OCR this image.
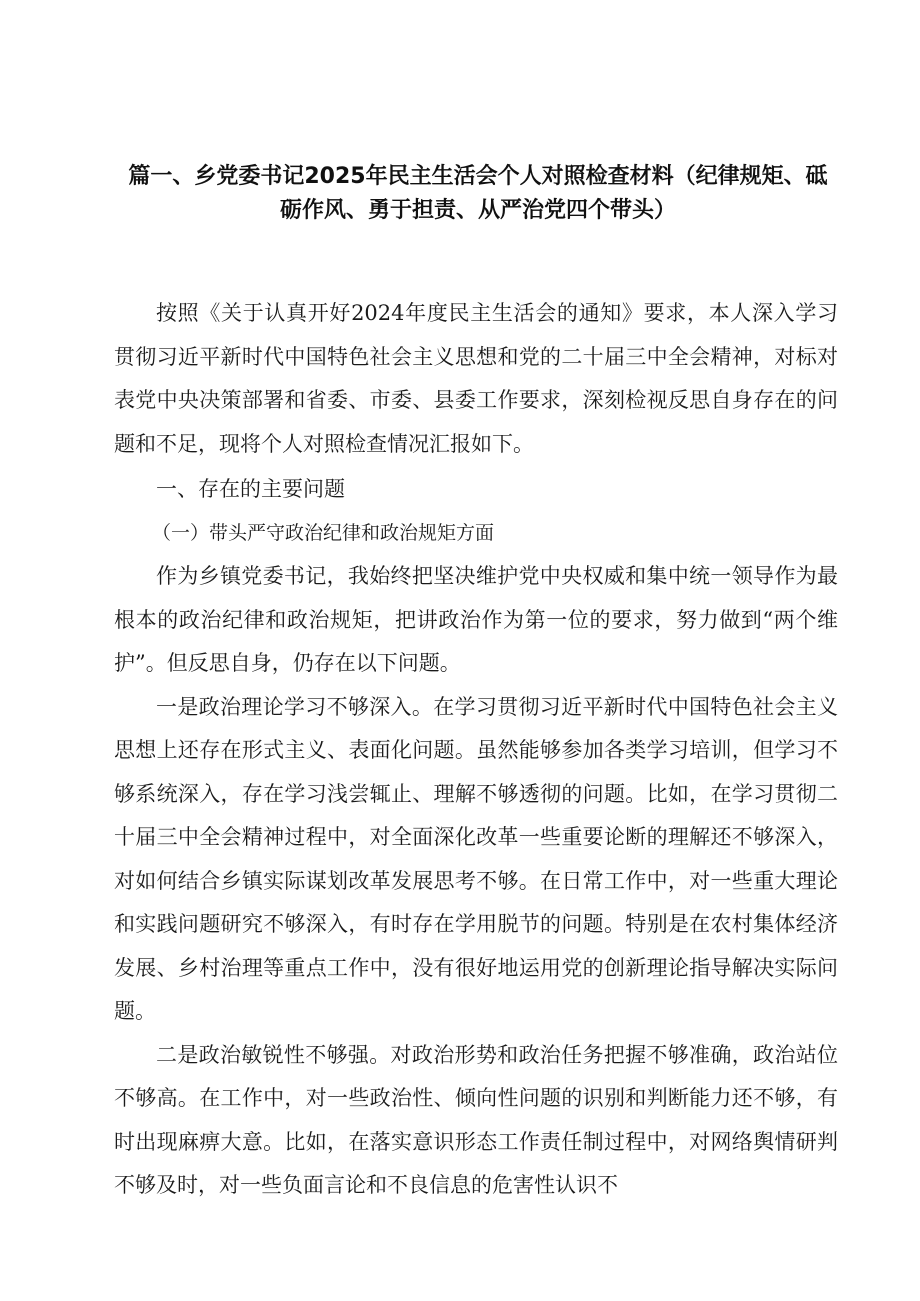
篇一、乡党委书记2025年民主生活会个人对照检查材料（纪律规矩、砥砺作风、勇于担责、从严治党四个带头）

按照《关于认真开好2024年度民主生活会的通知》要求，本人深入学习贯彻习近平新时代中国特色社会主义思想和党的二十届三中全会精神，对标对表党中央决策部署和省委、市委、县委工作要求，深刻检视反思自身存在的问题和不足，现将个人对照检查情况汇报如下。

一、存在的主要问题

（一）带头严守政治纪律和政治规矩方面

作为乡镇党委书记，我始终把坚决维护党中央权威和集中统一领导作为最根本的政治纪律和政治规矩，把讲政治作为第一位的要求，努力做到“两个维护”。但反思自身，仍存在以下问题。

一是政治理论学习不够深入。在学习贯彻习近平新时代中国特色社会主义思想上还存在形式主义、表面化问题。虽然能够参加各类学习培训，但学习不够系统深入，存在学习浅尝辄止、理解不够透彻的问题。比如，在学习贯彻二十届三中全会精神过程中，对全面深化改革一些重要论断的理解还不够深入，对如何结合乡镇实际谋划改革发展思考不够。在日常工作中，对一些重大理论和实践问题研究不够深入，有时存在学用脱节的问题。特别是在农村集体经济发展、乡村治理等重点工作中，没有很好地运用党的创新理论指导解决实际问题。

二是政治敏锐性不够强。对政治形势和政治任务把握不够准确，政治站位不够高。在工作中，对一些政治性、倾向性问题的识别和判断能力还不够，有时出现麻痹大意。比如，在落实意识形态工作责任制过程中，对网络舆情研判不够及时，对一些负面言论和不良信息的危害性认识不
